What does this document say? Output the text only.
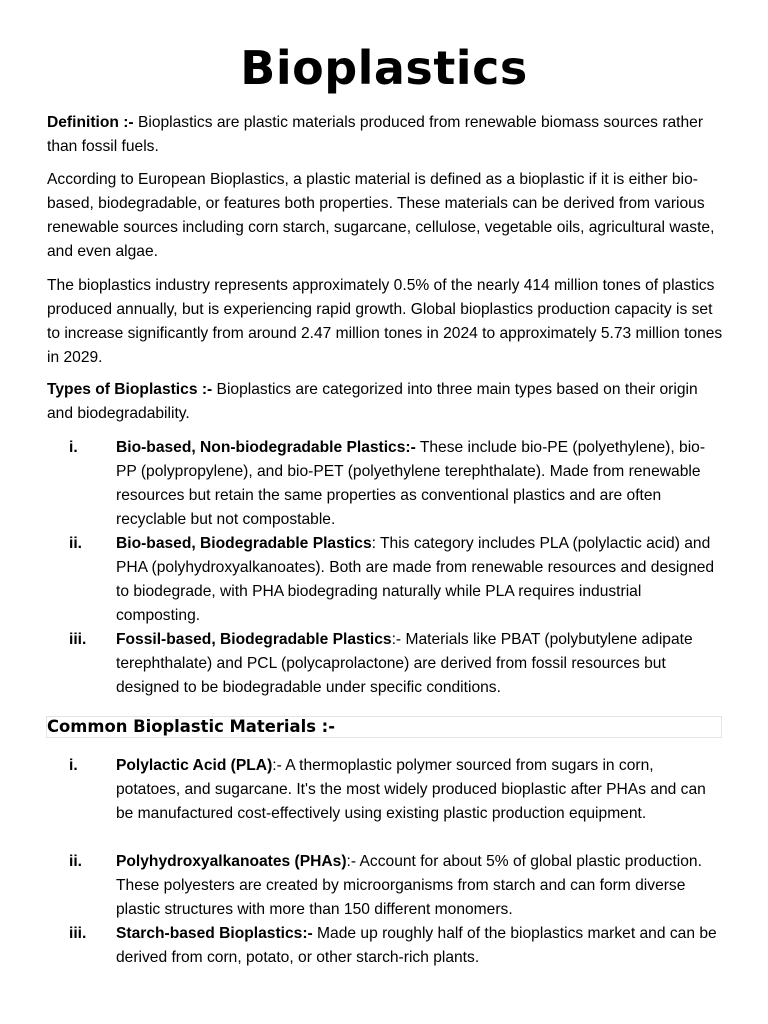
Bioplastics

Definition :- Bioplastics are plastic materials produced from renewable biomass sources rather than fossil fuels.

According to European Bioplastics, a plastic material is defined as a bioplastic if it is either bio-based, biodegradable, or features both properties. These materials can be derived from various renewable sources including corn starch, sugarcane, cellulose, vegetable oils, agricultural waste, and even algae.

The bioplastics industry represents approximately 0.5% of the nearly 414 million tones of plastics produced annually, but is experiencing rapid growth. Global bioplastics production capacity is set to increase significantly from around 2.47 million tones in 2024 to approximately 5.73 million tones in 2029.

Types of Bioplastics :- Bioplastics are categorized into three main types based on their origin and biodegradability.

i. Bio-based, Non-biodegradable Plastics:- These include bio-PE (polyethylene), bio-PP (polypropylene), and bio-PET (polyethylene terephthalate). Made from renewable resources but retain the same properties as conventional plastics and are often recyclable but not compostable.
ii. Bio-based, Biodegradable Plastics: This category includes PLA (polylactic acid) and PHA (polyhydroxyalkanoates). Both are made from renewable resources and designed to biodegrade, with PHA biodegrading naturally while PLA requires industrial composting.
iii. Fossil-based, Biodegradable Plastics:- Materials like PBAT (polybutylene adipate terephthalate) and PCL (polycaprolactone) are derived from fossil resources but designed to be biodegradable under specific conditions.
Common Bioplastic Materials :-
i. Polylactic Acid (PLA):- A thermoplastic polymer sourced from sugars in corn, potatoes, and sugarcane. It's the most widely produced bioplastic after PHAs and can be manufactured cost-effectively using existing plastic production equipment.
ii. Polyhydroxyalkanoates (PHAs):- Account for about 5% of global plastic production. These polyesters are created by microorganisms from starch and can form diverse plastic structures with more than 150 different monomers.
iii. Starch-based Bioplastics:- Made up roughly half of the bioplastics market and can be derived from corn, potato, or other starch-rich plants.
